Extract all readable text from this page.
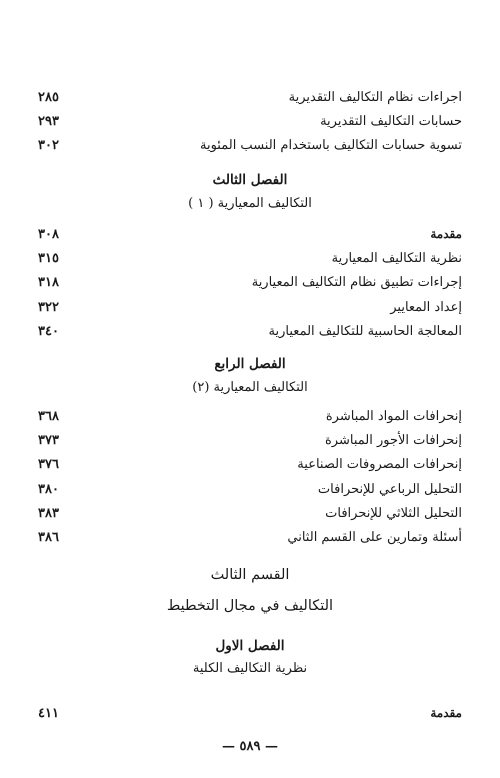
اجراءات نظام التكاليف التقديرية
٢٨٥
حسابات التكاليف التقديرية
٢٩٣
تسوية حسابات التكاليف باستخدام النسب المئوية
٣٠٢
الفصل الثالث
التكاليف المعيارية ( ١ )
مقدمة
٣٠٨
نظرية التكاليف المعيارية
٣١٥
إجراءات تطبيق نظام التكاليف المعيارية
٣١٨
إعداد المعايير
٣٢٢
المعالجة الحاسبية للتكاليف المعيارية
٣٤٠
الفصل الرابع
التكاليف المعيارية (٢)
إنحرافات المواد المباشرة
٣٦٨
إنحرافات الأجور المباشرة
٣٧٣
إنحرافات المصروفات الصناعية
٣٧٦
التحليل الرباعي للإنحرافات
٣٨٠
التحليل الثلاثي للإنحرافات
٣٨٣
أسئلة وتمارين على القسم الثاني
٣٨٦
القسم الثالث
التكاليف في مجال التخطيط
الفصل الاول
نظرية التكاليف الكلية
مقدمة
٤١١
— ٥٨٩ —
